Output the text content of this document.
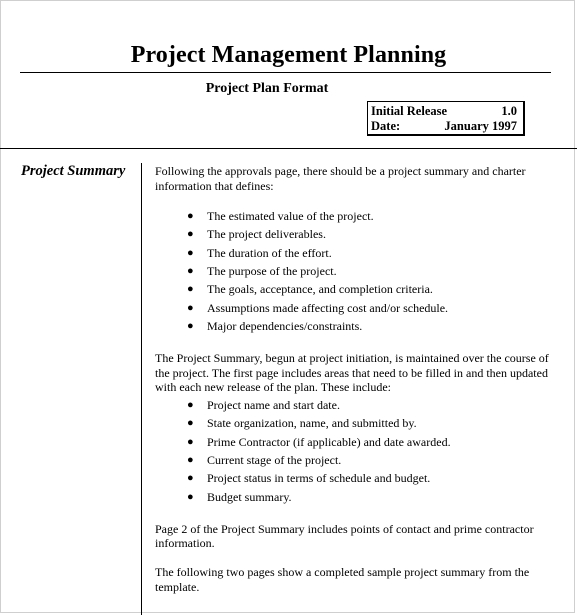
Project Management Planning
Project Plan Format
Initial Release	1.0
Date:	January 1997
Project Summary Following the approvals page, there should be a project summary and charter information that defines:

● The estimated value of the project.
● The project deliverables.
● The duration of the effort.
● The purpose of the project.
● The goals, acceptance, and completion criteria.
● Assumptions made affecting cost and/or schedule.
● Major dependencies/constraints.

The Project Summary, begun at project initiation, is maintained over the course of the project. The first page includes areas that need to be filled in and then updated with each new release of the plan. These include:

● Project name and start date.
● State organization, name, and submitted by.
● Prime Contractor (if applicable) and date awarded.
● Current stage of the project.
● Project status in terms of schedule and budget.
● Budget summary.

Page 2 of the Project Summary includes points of contact and prime contractor information.

The following two pages show a completed sample project summary from the template.
